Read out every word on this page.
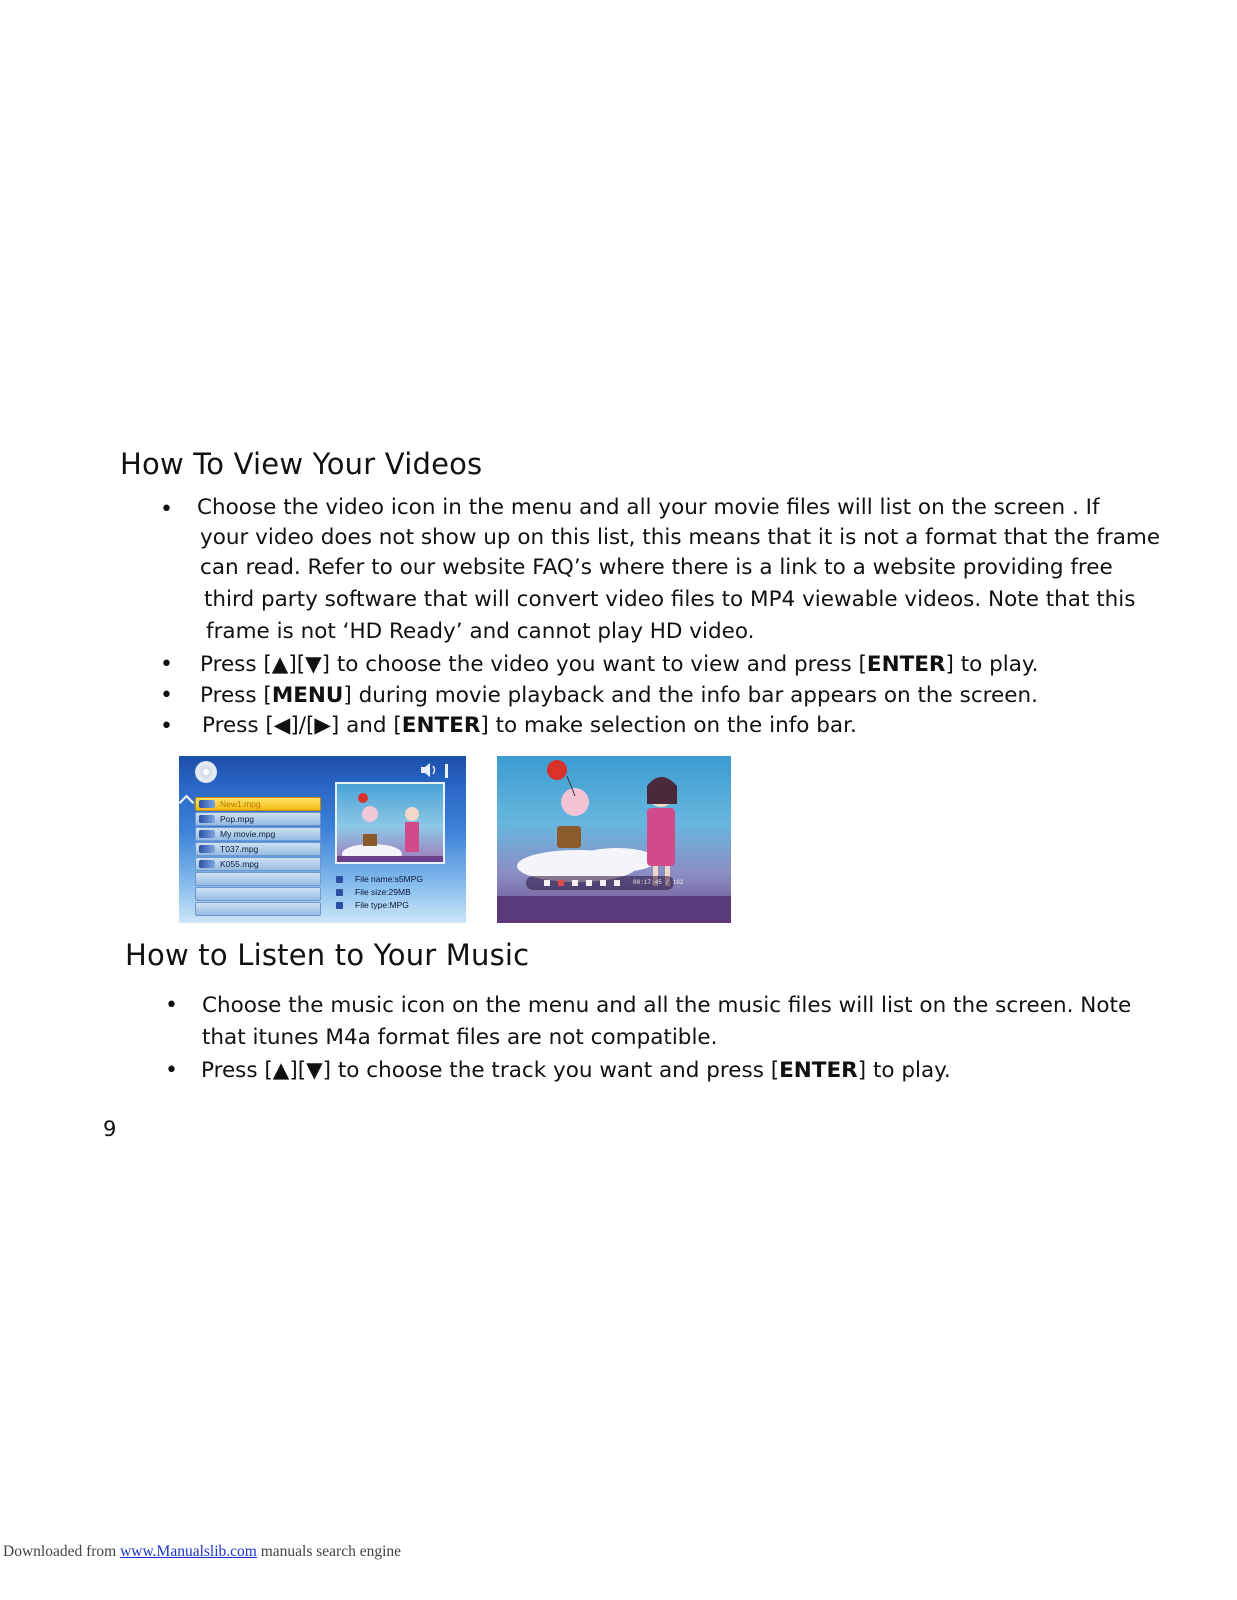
How To View Your Videos
• Choose the video icon in the menu and all your movie files will list on the screen . If
your video does not show up on this list, this means that it is not a format that the frame
can read. Refer to our website FAQ’s where there is a link to a website providing free
third party software that will convert video files to MP4 viewable videos. Note that this
frame is not ‘HD Ready’ and cannot play HD video.
• Press [▲][▼] to choose the video you want to view and press [ENTER] to play.
• Press [MENU] during movie playback and the info bar appears on the screen.
• Press [◀]/[▶] and [ENTER] to make selection on the info bar.
New1.mpg
Pop.mpg
My movie.mpg
T037.mpg
K055.mpg
File name:s5MPG
File size:29MB
File type:MPG
00:17:45 / 102
How to Listen to Your Music
• Choose the music icon on the menu and all the music files will list on the screen. Note
that itunes M4a format files are not compatible.
• Press [▲][▼] to choose the track you want and press [ENTER] to play.
9
Downloaded from www.Manualslib.com manuals search engine
